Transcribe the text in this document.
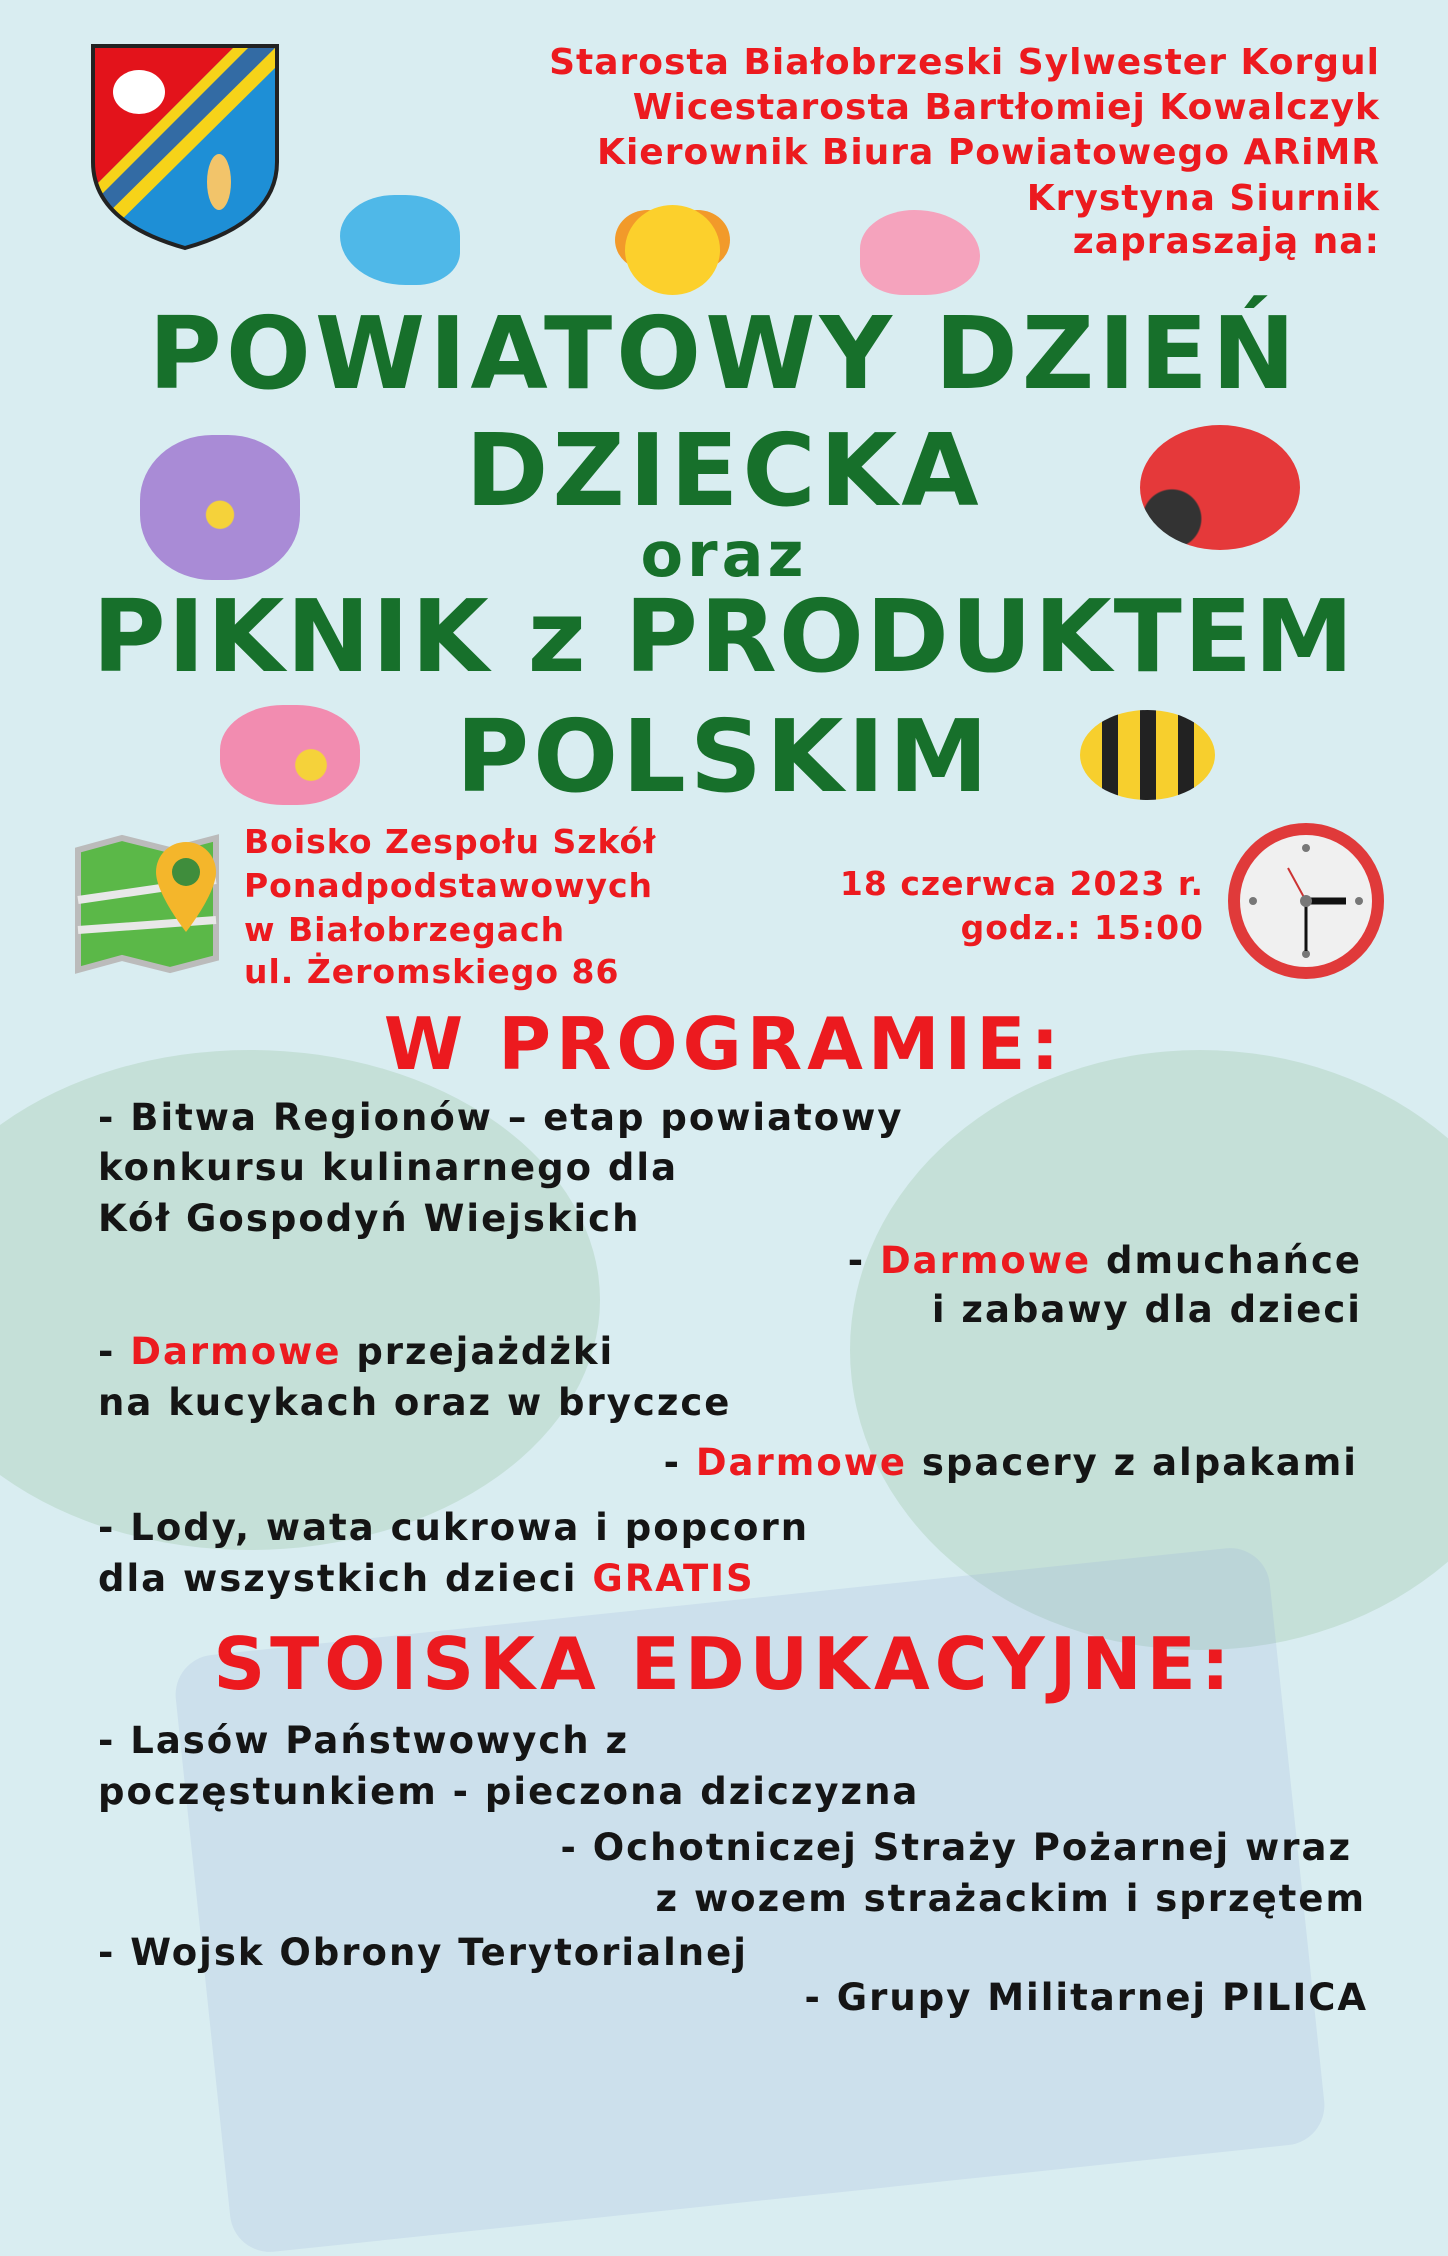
Starosta Białobrzeski Sylwester Korgul
Wicestarosta Bartłomiej Kowalczyk
Kierownik Biura Powiatowego ARiMR
Krystyna Siurnik
zapraszają na:
POWIATOWY DZIEŃ
DZIECKA
oraz
PIKNIK z PRODUKTEM
POLSKIM
Boisko Zespołu Szkół
Ponadpodstawowych
w Białobrzegach
ul. Żeromskiego 86
18 czerwca 2023 r.
godz.: 15:00
W PROGRAMIE:
- Bitwa Regionów – etap powiatowy
konkursu kulinarnego dla
Kół Gospodyń Wiejskich
- Darmowe dmuchańce
i zabawy dla dzieci
- Darmowe przejażdżki
na kucykach oraz w bryczce
- Darmowe spacery z alpakami
- Lody, wata cukrowa i popcorn
dla wszystkich dzieci GRATIS
STOISKA EDUKACYJNE:
- Lasów Państwowych z
poczęstunkiem - pieczona dziczyzna
- Ochotniczej Straży Pożarnej wraz
z wozem strażackim i sprzętem
- Wojsk Obrony Terytorialnej
- Grupy Militarnej PILICA
